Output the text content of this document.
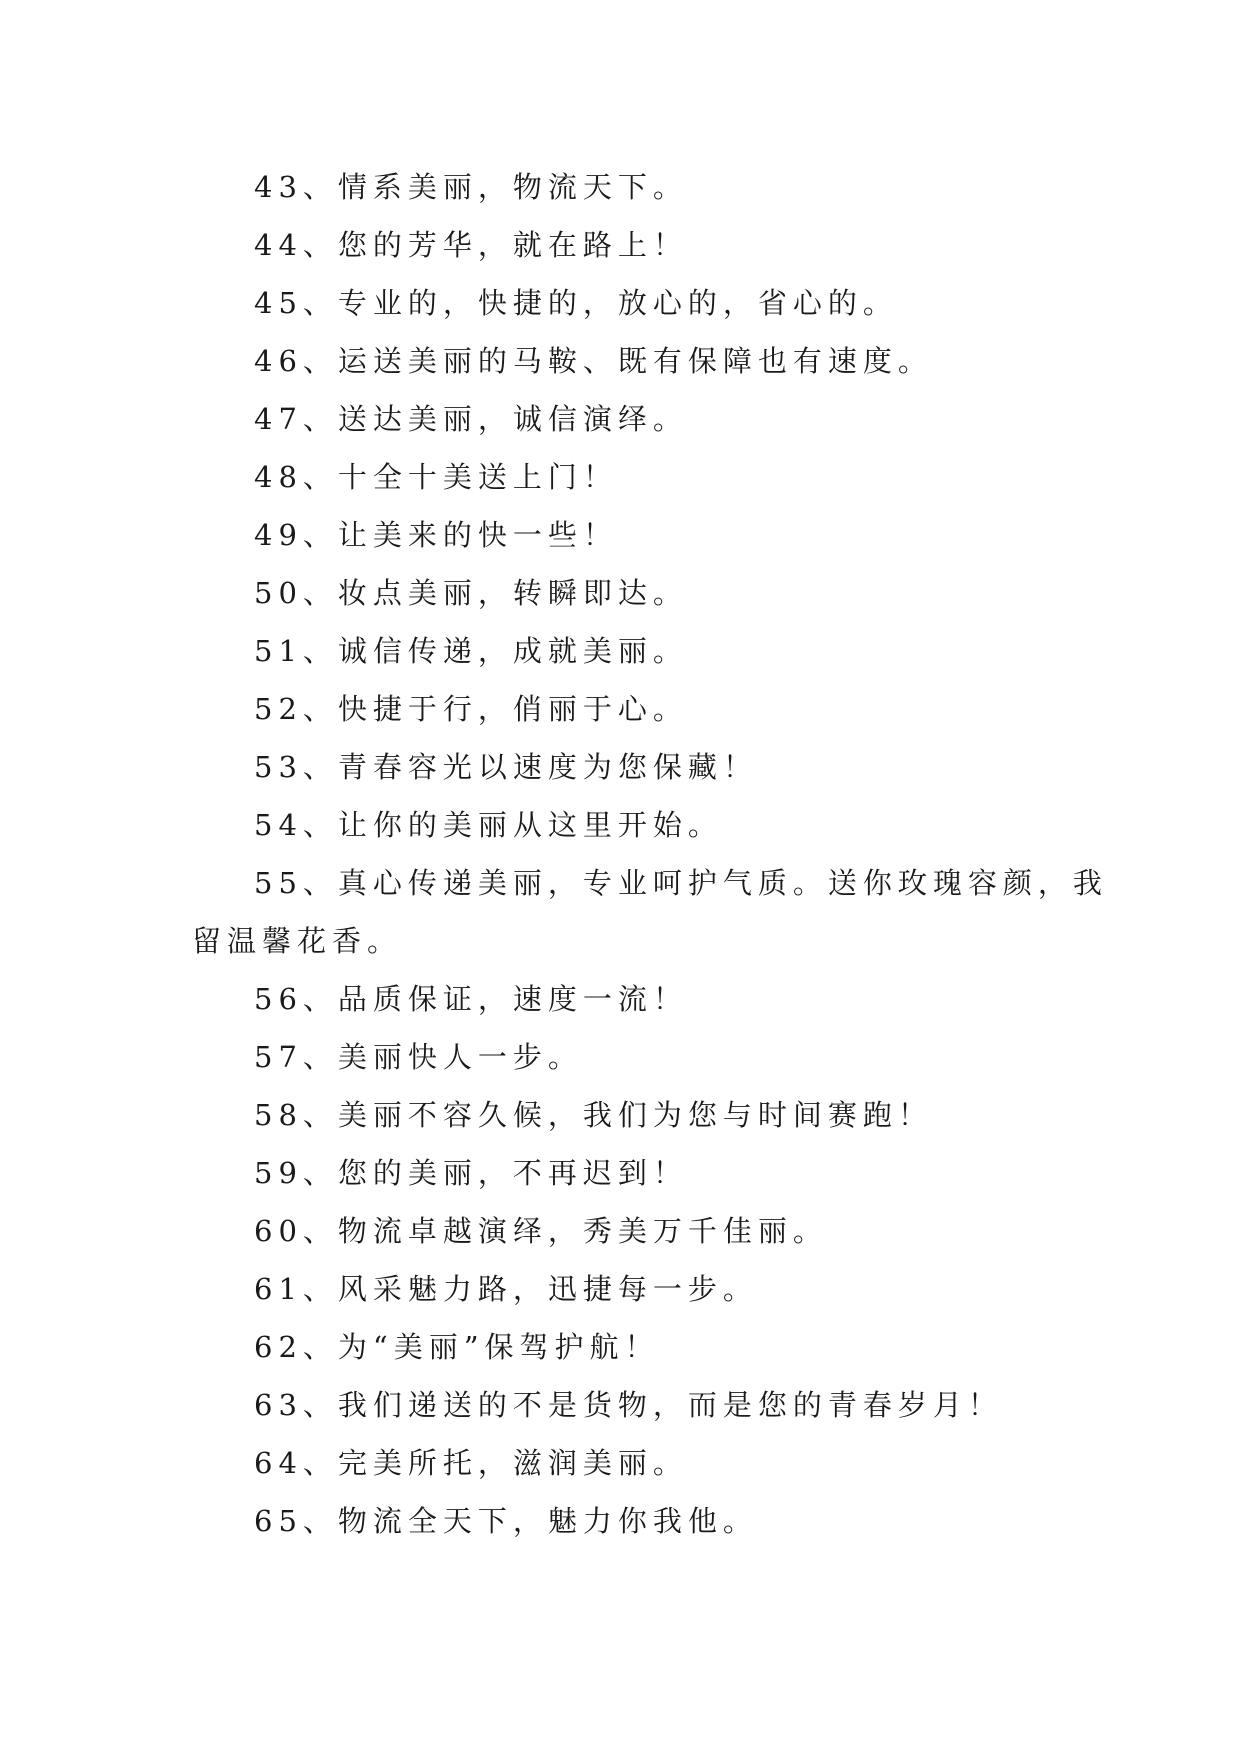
43、情系美丽，物流天下。

44、您的芳华，就在路上！

45、专业的，快捷的，放心的，省心的。

46、运送美丽的马鞍、既有保障也有速度。

47、送达美丽，诚信演绎。

48、十全十美送上门！

49、让美来的快一些！

50、妆点美丽，转瞬即达。

51、诚信传递，成就美丽。

52、快捷于行，俏丽于心。

53、青春容光以速度为您保藏！

54、让你的美丽从这里开始。

55、真心传递美丽，专业呵护气质。送你玫瑰容颜，我

留温馨花香。

56、品质保证，速度一流！

57、美丽快人一步。

58、美丽不容久候，我们为您与时间赛跑！

59、您的美丽，不再迟到！

60、物流卓越演绎，秀美万千佳丽。

61、风采魅力路，迅捷每一步。

62、为“美丽”保驾护航！

63、我们递送的不是货物，而是您的青春岁月！

64、完美所托，滋润美丽。

65、物流全天下，魅力你我他。
